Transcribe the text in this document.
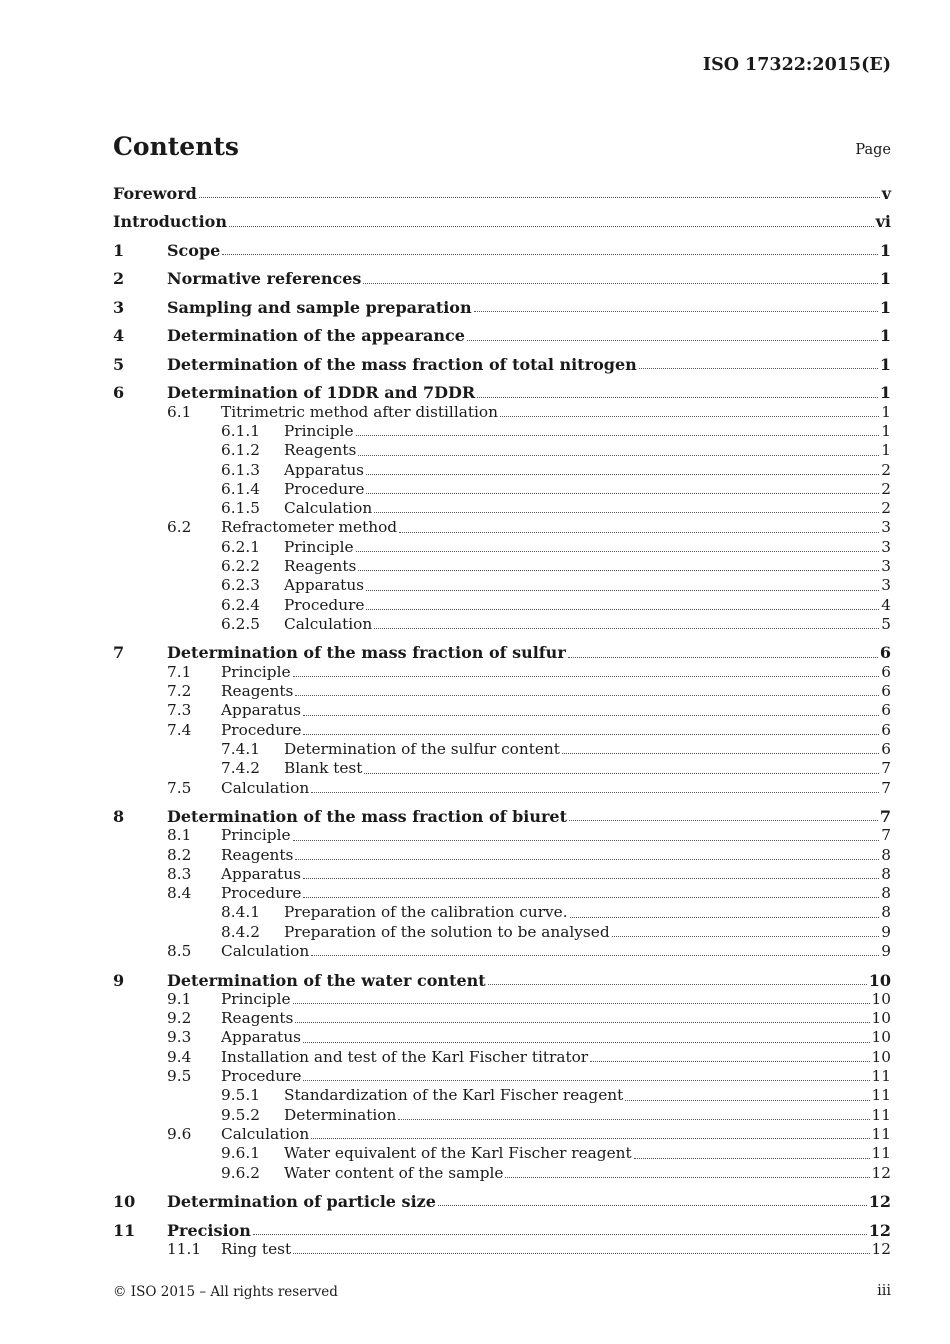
ISO 17322:2015(E)
Contents	Page
Foreword	v
Introduction	vi
1	Scope	1
2	Normative references	1
3	Sampling and sample preparation	1
4	Determination of the appearance	1
5	Determination of the mass fraction of total nitrogen	1
6	Determination of 1DDR and 7DDR	1
6.1	Titrimetric method after distillation	1
6.1.1	Principle	1
6.1.2	Reagents	1
6.1.3	Apparatus	2
6.1.4	Procedure	2
6.1.5	Calculation	2
6.2	Refractometer method	3
6.2.1	Principle	3
6.2.2	Reagents	3
6.2.3	Apparatus	3
6.2.4	Procedure	4
6.2.5	Calculation	5
7	Determination of the mass fraction of sulfur	6
7.1	Principle	6
7.2	Reagents	6
7.3	Apparatus	6
7.4	Procedure	6
7.4.1	Determination of the sulfur content	6
7.4.2	Blank test	7
7.5	Calculation	7
8	Determination of the mass fraction of biuret	7
8.1	Principle	7
8.2	Reagents	8
8.3	Apparatus	8
8.4	Procedure	8
8.4.1	Preparation of the calibration curve.	8
8.4.2	Preparation of the solution to be analysed	9
8.5	Calculation	9
9	Determination of the water content	10
9.1	Principle	10
9.2	Reagents	10
9.3	Apparatus	10
9.4	Installation and test of the Karl Fischer titrator	10
9.5	Procedure	11
9.5.1	Standardization of the Karl Fischer reagent	11
9.5.2	Determination	11
9.6	Calculation	11
9.6.1	Water equivalent of the Karl Fischer reagent	11
9.6.2	Water content of the sample	12
10	Determination of particle size	12
11	Precision	12
11.1	Ring test	12
© ISO 2015 – All rights reserved	iii
